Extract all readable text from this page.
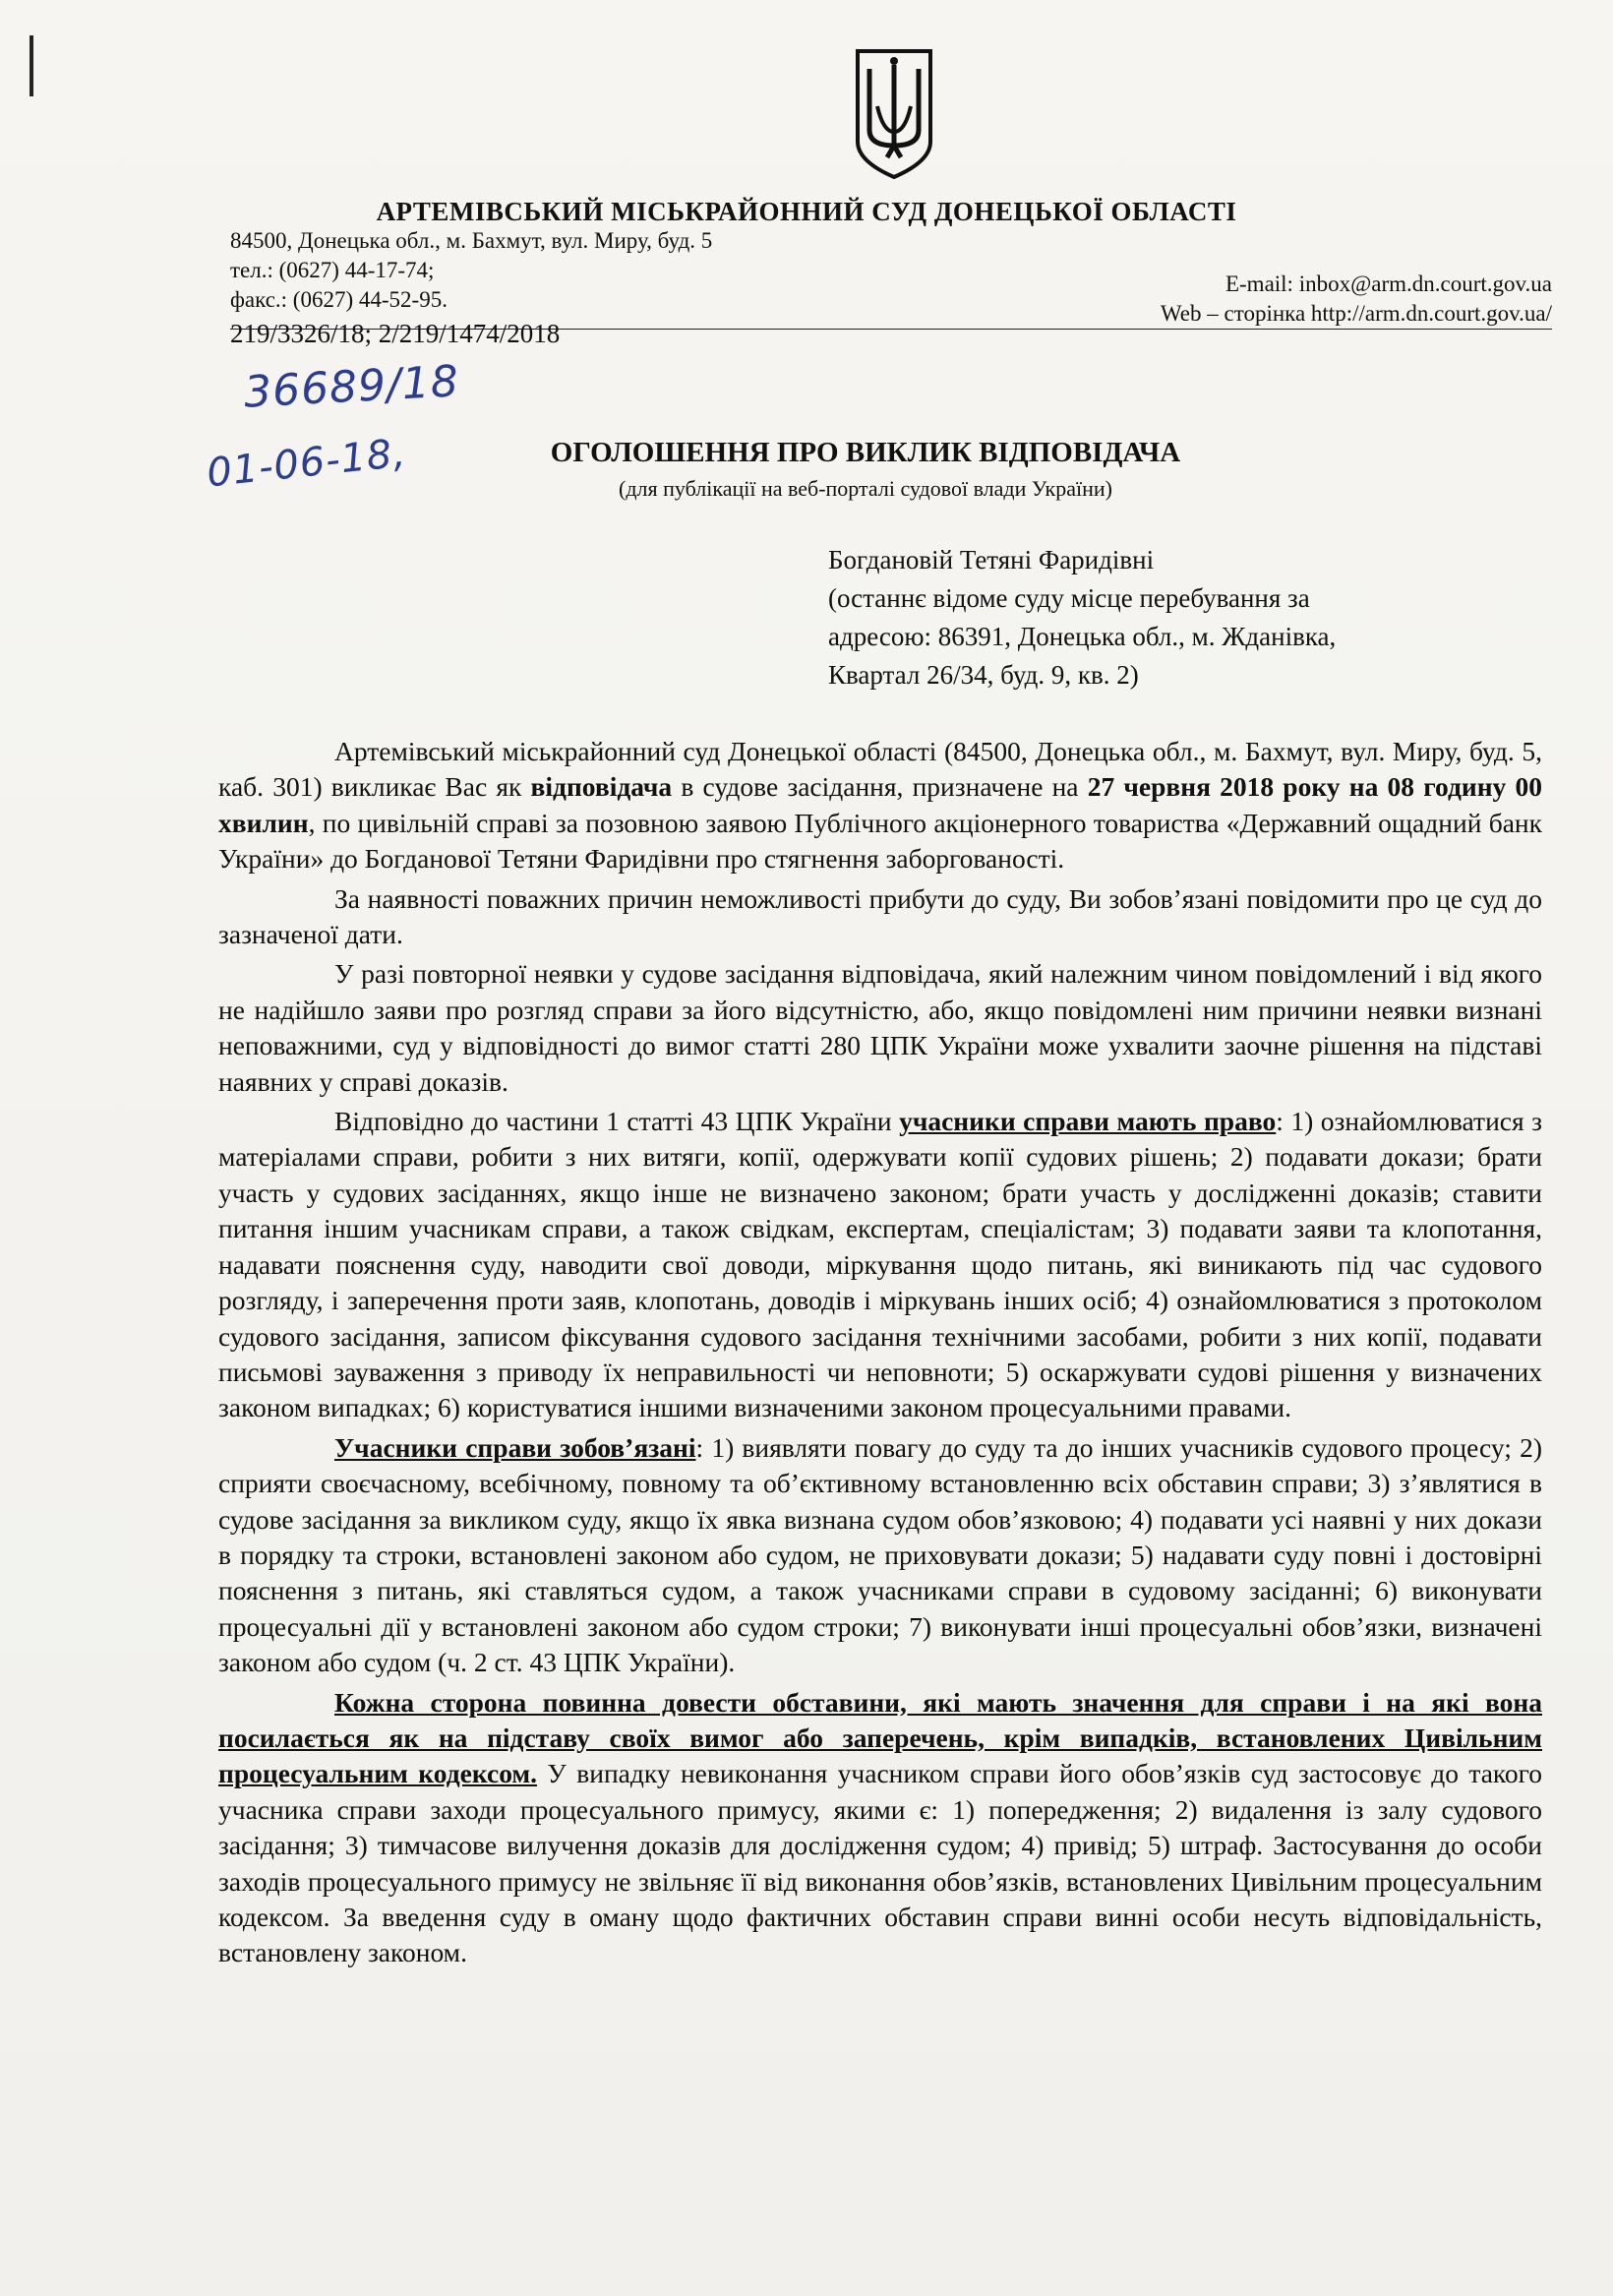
АРТЕМІВСЬКИЙ МІСЬКРАЙОННИЙ СУД ДОНЕЦЬКОЇ ОБЛАСТІ
84500, Донецька обл., м. Бахмут, вул. Миру, буд. 5
тел.: (0627) 44-17-74;
факс.: (0627) 44-52-95.
E-mail: inbox@arm.dn.court.gov.ua
Web – сторінка http://arm.dn.court.gov.ua/
219/3326/18; 2/219/1474/2018
36689/18
01-06-18,	ОГОЛОШЕННЯ ПРО ВИКЛИК ВІДПОВІДАЧА
(для публікації на веб-порталі судової влади України)
Богдановій Тетяні Фаридівні
(останнє відоме суду місце перебування за
адресою: 86391, Донецька обл., м. Жданівка,
Квартал 26/34, буд. 9, кв. 2)

Артемівський міськрайонний суд Донецької області (84500, Донецька обл., м. Бахмут, вул. Миру, буд. 5, каб. 301) викликає Вас як відповідача в судове засідання, призначене на 27 червня 2018 року на 08 годину 00 хвилин, по цивільній справі за позовною заявою Публічного акціонерного товариства «Державний ощадний банк України» до Богданової Тетяни Фаридівни про стягнення заборгованості.

За наявності поважних причин неможливості прибути до суду, Ви зобов’язані повідомити про це суд до зазначеної дати.

У разі повторної неявки у судове засідання відповідача, який належним чином повідомлений і від якого не надійшло заяви про розгляд справи за його відсутністю, або, якщо повідомлені ним причини неявки визнані неповажними, суд у відповідності до вимог статті 280 ЦПК України може ухвалити заочне рішення на підставі наявних у справі доказів.

Відповідно до частини 1 статті 43 ЦПК України учасники справи мають право: 1) ознайомлюватися з матеріалами справи, робити з них витяги, копії, одержувати копії судових рішень; 2) подавати докази; брати участь у судових засіданнях, якщо інше не визначено законом; брати участь у дослідженні доказів; ставити питання іншим учасникам справи, а також свідкам, експертам, спеціалістам; 3) подавати заяви та клопотання, надавати пояснення суду, наводити свої доводи, міркування щодо питань, які виникають під час судового розгляду, і заперечення проти заяв, клопотань, доводів і міркувань інших осіб; 4) ознайомлюватися з протоколом судового засідання, записом фіксування судового засідання технічними засобами, робити з них копії, подавати письмові зауваження з приводу їх неправильності чи неповноти; 5) оскаржувати судові рішення у визначених законом випадках; 6) користуватися іншими визначеними законом процесуальними правами.

Учасники справи зобов’язані: 1) виявляти повагу до суду та до інших учасників судового процесу; 2) сприяти своєчасному, всебічному, повному та об’єктивному встановленню всіх обставин справи; 3) з’являтися в судове засідання за викликом суду, якщо їх явка визнана судом обов’язковою; 4) подавати усі наявні у них докази в порядку та строки, встановлені законом або судом, не приховувати докази; 5) надавати суду повні і достовірні пояснення з питань, які ставляться судом, а також учасниками справи в судовому засіданні; 6) виконувати процесуальні дії у встановлені законом або судом строки; 7) виконувати інші процесуальні обов’язки, визначені законом або судом (ч. 2 ст. 43 ЦПК України).

Кожна сторона повинна довести обставини, які мають значення для справи і на які вона посилається як на підставу своїх вимог або заперечень, крім випадків, встановлених Цивільним процесуальним кодексом. У випадку невиконання учасником справи його обов’язків суд застосовує до такого учасника справи заходи процесуального примусу, якими є: 1) попередження; 2) видалення із залу судового засідання; 3) тимчасове вилучення доказів для дослідження судом; 4) привід; 5) штраф. Застосування до особи заходів процесуального примусу не звільняє її від виконання обов’язків, встановлених Цивільним процесуальним кодексом. За введення суду в оману щодо фактичних обставин справи винні особи несуть відповідальність, встановлену законом.
